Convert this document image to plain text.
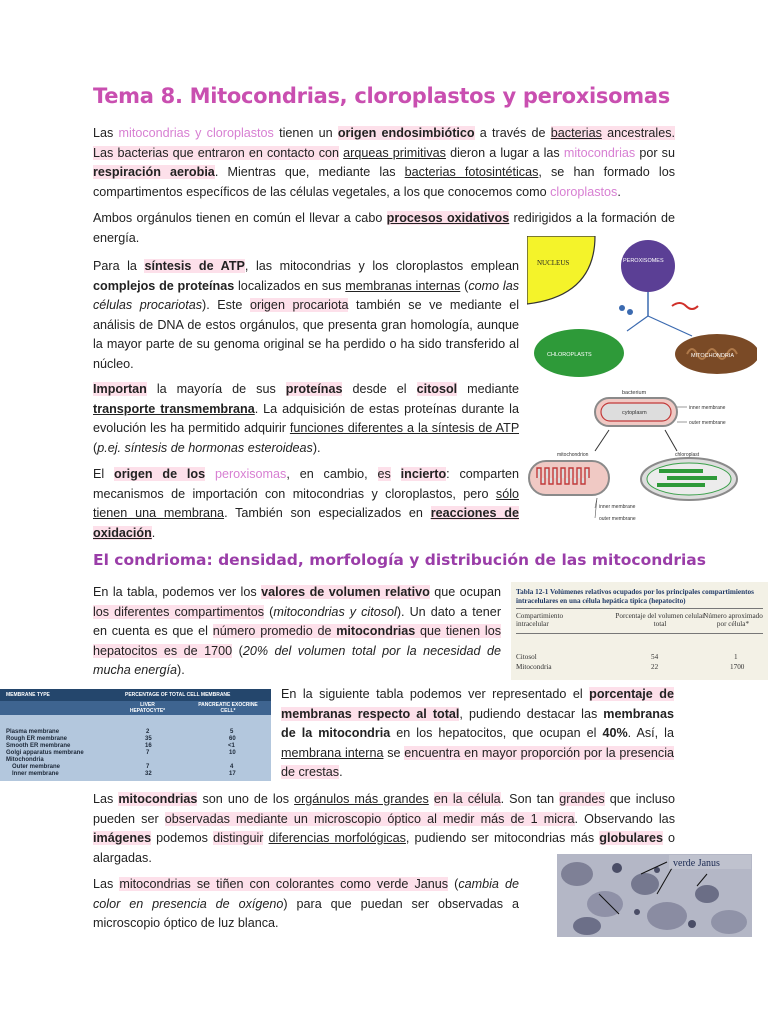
Tema 8. Mitocondrias, cloroplastos y peroxisomas

Las mitocondrias y cloroplastos tienen un origen endosimbiótico a través de bacterias ancestrales. Las bacterias que entraron en contacto con arqueas primitivas dieron a lugar a las mitocondrias por su respiración aerobia. Mientras que, mediante las bacterias fotosintéticas, se han formado los compartimentos específicos de las células vegetales, a los que conocemos como cloroplastos.

Ambos orgánulos tienen en común el llevar a cabo procesos oxidativos redirigidos a la formación de energía.

Para la síntesis de ATP, las mitocondrias y los cloroplastos emplean complejos de proteínas localizados en sus membranas internas (como las células procariotas). Este origen procariota también se ve mediante el análisis de DNA de estos orgánulos, que presenta gran homología, aunque la mayor parte de su genoma original se ha perdido o ha sido transferido al núcleo.

Importan la mayoría de sus proteínas desde el citosol mediante transporte transmembrana. La adquisición de estas proteínas durante la evolución les ha permitido adquirir funciones diferentes a la síntesis de ATP (p.ej. síntesis de hormonas esteroideas).

El origen de los peroxisomas, en cambio, es incierto: comparten mecanismos de importación con mitocondrias y cloroplastos, pero sólo tienen una membrana. También son especializados en reacciones de oxidación.

NUCLEUS	PEROXISOMES
CHLOROPLASTS	MITOCHONDRIA
bacterium
cytoplasm
inner membrane
outer membrane
mitochondrion	chloroplast
inner membrane
outer membrane
El condrioma: densidad, morfología y distribución de las mitocondrias

En la tabla, podemos ver los valores de volumen relativo que ocupan los diferentes compartimentos (mitocondrias y citosol). Un dato a tener en cuenta es que el número promedio de mitocondrias que tienen los hepatocitos es de 1700 (20% del volumen total por la necesidad de mucha energía).

Tabla 12-1 Volúmenes relativos ocupados por los principales compartimientos intracelulares en una célula hepática típica (hepatocito)
Compartimiento intracelular
Porcentaje del volumen celular total
Número aproximado por célula*
Citosol	54	1
Mitocondria	22	1700
MEMBRANE TYPE	PERCENTAGE OF TOTAL CELL MEMBRANE
LIVER HEPATOCYTE*
PANCREATIC EXOCRINE CELL*
Plasma membrane	2	5
Rough ER membrane	35	60
Smooth ER membrane	16	<1
Golgi apparatus membrane	7	10
Mitochondria
Outer membrane	7	4
Inner membrane	32	17

En la siguiente tabla podemos ver representado el porcentaje de membranas respecto al total, pudiendo destacar las membranas de la mitocondria en los hepatocitos, que ocupan el 40%. Así, la membrana interna se encuentra en mayor proporción por la presencia de crestas.

Las mitocondrias son uno de los orgánulos más grandes en la célula. Son tan grandes que incluso pueden ser observadas mediante un microscopio óptico al medir más de 1 micra. Observando las imágenes podemos distinguir diferencias morfológicas, pudiendo ser mitocondrias más globulares o alargadas.

Las mitocondrias se tiñen con colorantes como verde Janus (cambia de color en presencia de oxígeno) para que puedan ser observadas a microscopio óptico de luz blanca.

verde Janus
